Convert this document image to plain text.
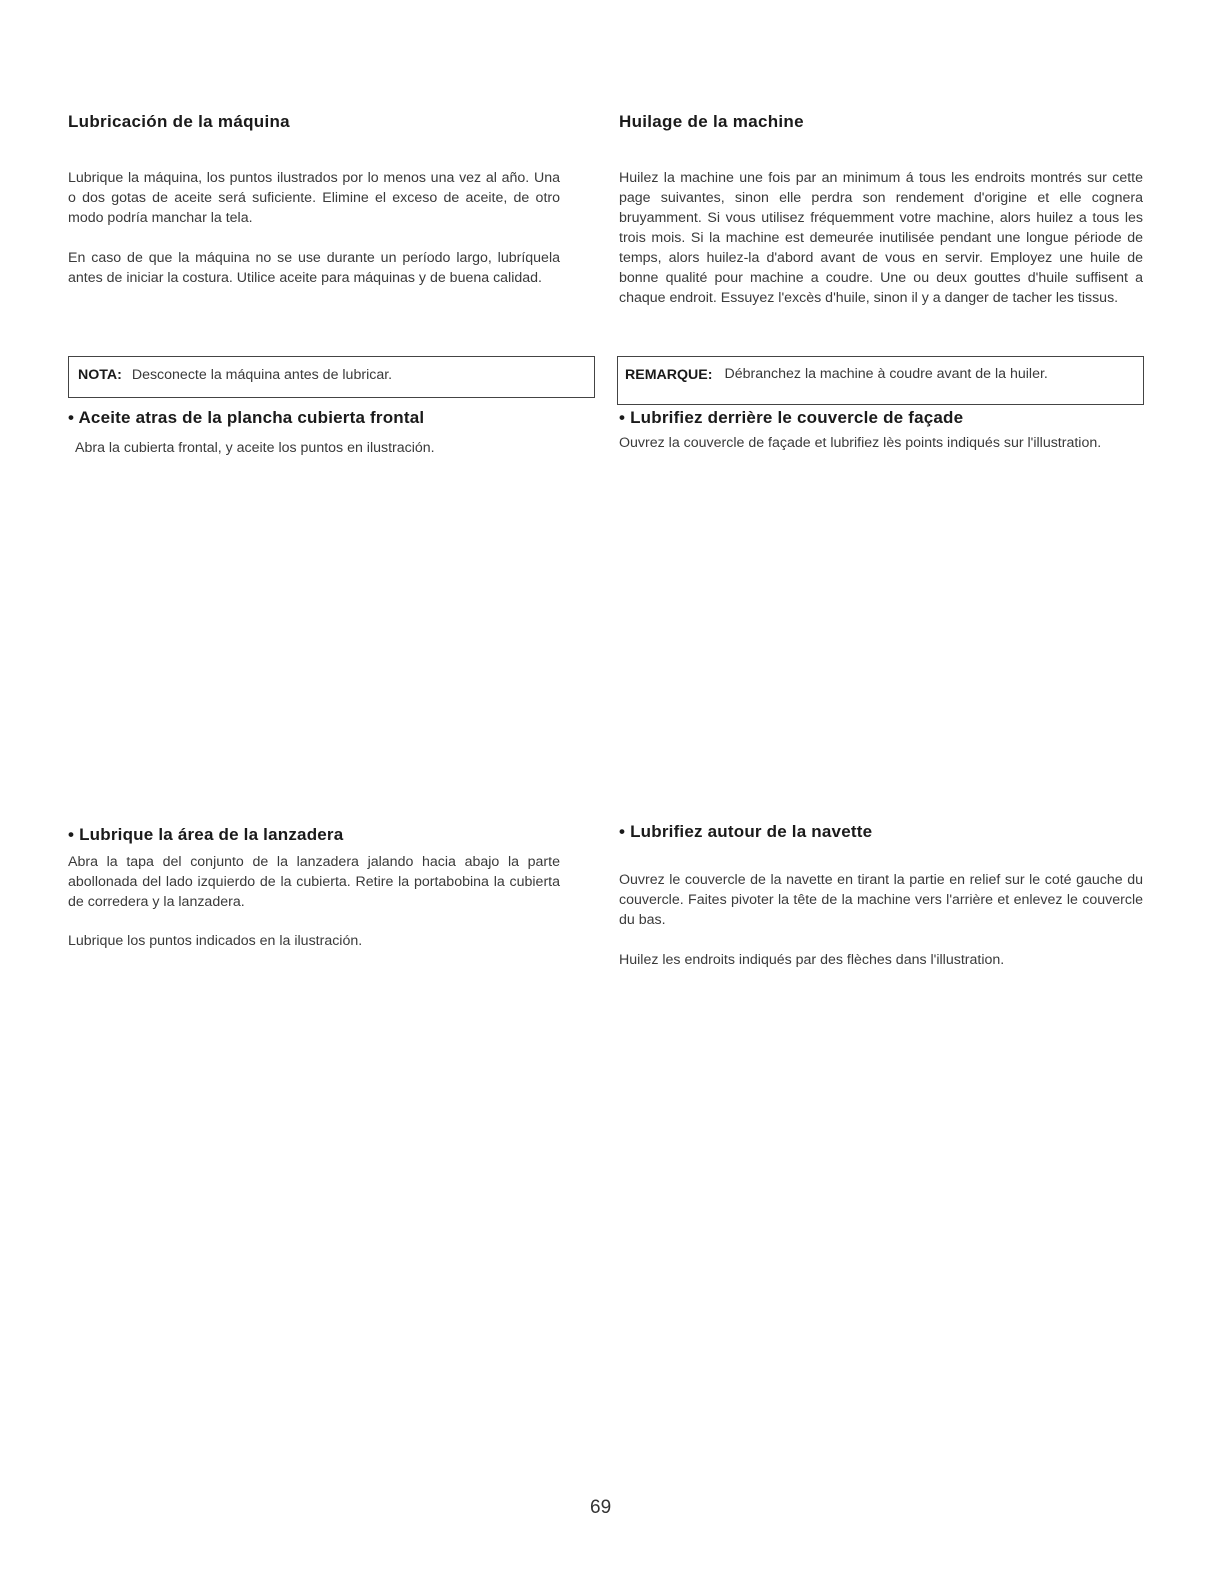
Lubricación de la máquina

Lubrique la máquina, los puntos ilustrados por lo menos una vez al año. Una o dos gotas de aceite será suficiente. Elimine el exceso de aceite, de otro modo podría manchar la tela.

En caso de que la máquina no se use durante un período largo, lubríquela antes de iniciar la costura. Utilice aceite para máquinas y de buena calidad.

NOTA: Desconecte la máquina antes de lubricar.
• Aceite atras de la plancha cubierta frontal

Abra la cubierta frontal, y aceite los puntos en ilustración.

• Lubrique la área de la lanzadera

Abra la tapa del conjunto de la lanzadera jalando hacia abajo la parte abollonada del lado izquierdo de la cubierta. Retire la portabobina la cubierta de corredera y la lanzadera.

Lubrique los puntos indicados en la ilustración.

Huilage de la machine

Huilez la machine une fois par an minimum á tous les endroits montrés sur cette page suivantes, sinon elle perdra son rendement d'origine et elle cognera bruyamment. Si vous utilisez fréquemment votre machine, alors huilez a tous les trois mois. Si la machine est demeurée inutilisée pendant une longue période de temps, alors huilez-la d'abord avant de vous en servir. Employez une huile de bonne qualité pour machine a coudre. Une ou deux gouttes d'huile suffisent a chaque endroit. Essuyez l'excès d'huile, sinon il y a danger de tacher les tissus.

REMARQUE: Débranchez la machine à coudre avant de la huiler.
• Lubrifiez derrière le couvercle de façade

Ouvrez la couvercle de façade et lubrifiez lès points indiqués sur l'illustration.

• Lubrifiez autour de la navette

Ouvrez le couvercle de la navette en tirant la partie en relief sur le coté gauche du couvercle. Faites pivoter la tête de la machine vers l'arrière et enlevez le couvercle du bas.

Huilez les endroits indiqués par des flèches dans l'illustration.

69
